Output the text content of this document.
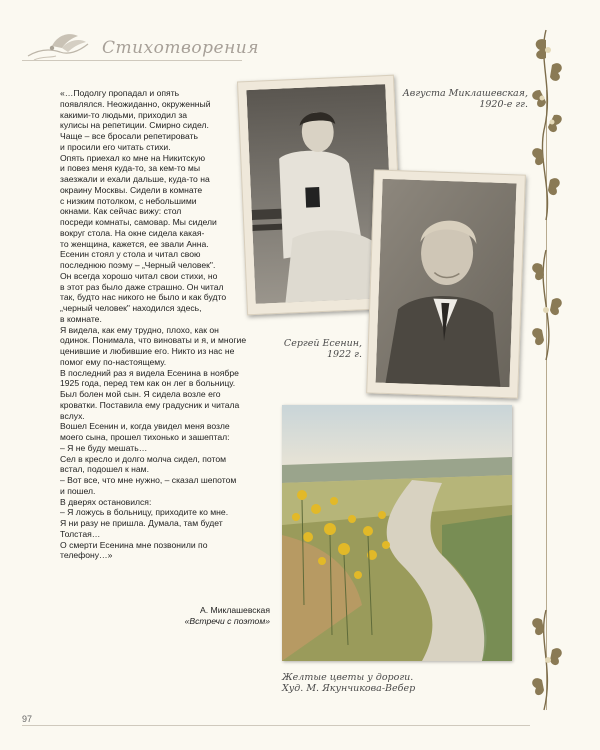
Стихотворения

«…Подолгу пропадал и опять
появлялся. Неожиданно, окруженный
какими-то людьми, приходил за
кулисы на репетиции. Смирно сидел.
Чаще – все бросали репетировать
и просили его читать стихи.
Опять приехал ко мне на Никитскую
и повез меня куда-то, за кем-то мы
заезжали и ехали дальше, куда-то на
окраину Москвы. Сидели в комнате
с низким потолком, с небольшими
окнами. Как сейчас вижу: стол
посреди комнаты, самовар. Мы сидели
вокруг стола. На окне сидела какая-
то женщина, кажется, ее звали Анна.
Есенин стоял у стола и читал свою
последнюю поэму – „Черный человек".
Он всегда хорошо читал свои стихи, но
в этот раз было даже страшно. Он читал
так, будто нас никого не было и как будто
„черный человек" находился здесь,
в комнате.
Я видела, как ему трудно, плохо, как он
одинок. Понимала, что виноваты и я, и многие
ценившие и любившие его. Никто из нас не
помог ему по-настоящему.
В последний раз я видела Есенина в ноябре
1925 года, перед тем как он лег в больницу.
Был болен мой сын. Я сидела возле его
кроватки. Поставила ему градусник и читала
вслух.
Вошел Есенин и, когда увидел меня возле
моего сына, прошел тихонько и зашептал:
– Я не буду мешать…
Сел в кресло и долго молча сидел, потом
встал, подошел к нам.
– Вот все, что мне нужно, – сказал шепотом
и пошел.
В дверях остановился:
– Я ложусь в больницу, приходите ко мне.
Я ни разу не пришла. Думала, там будет
Толстая…
О смерти Есенина мне позвонили по
телефону…»

А. Миклашевская
«Встречи с поэтом»
Августа Миклашевская,
1920-е гг.
Сергей Есенин,
1922 г.
Желтые цветы у дороги.
Худ. М. Якунчикова-Вебер
97
